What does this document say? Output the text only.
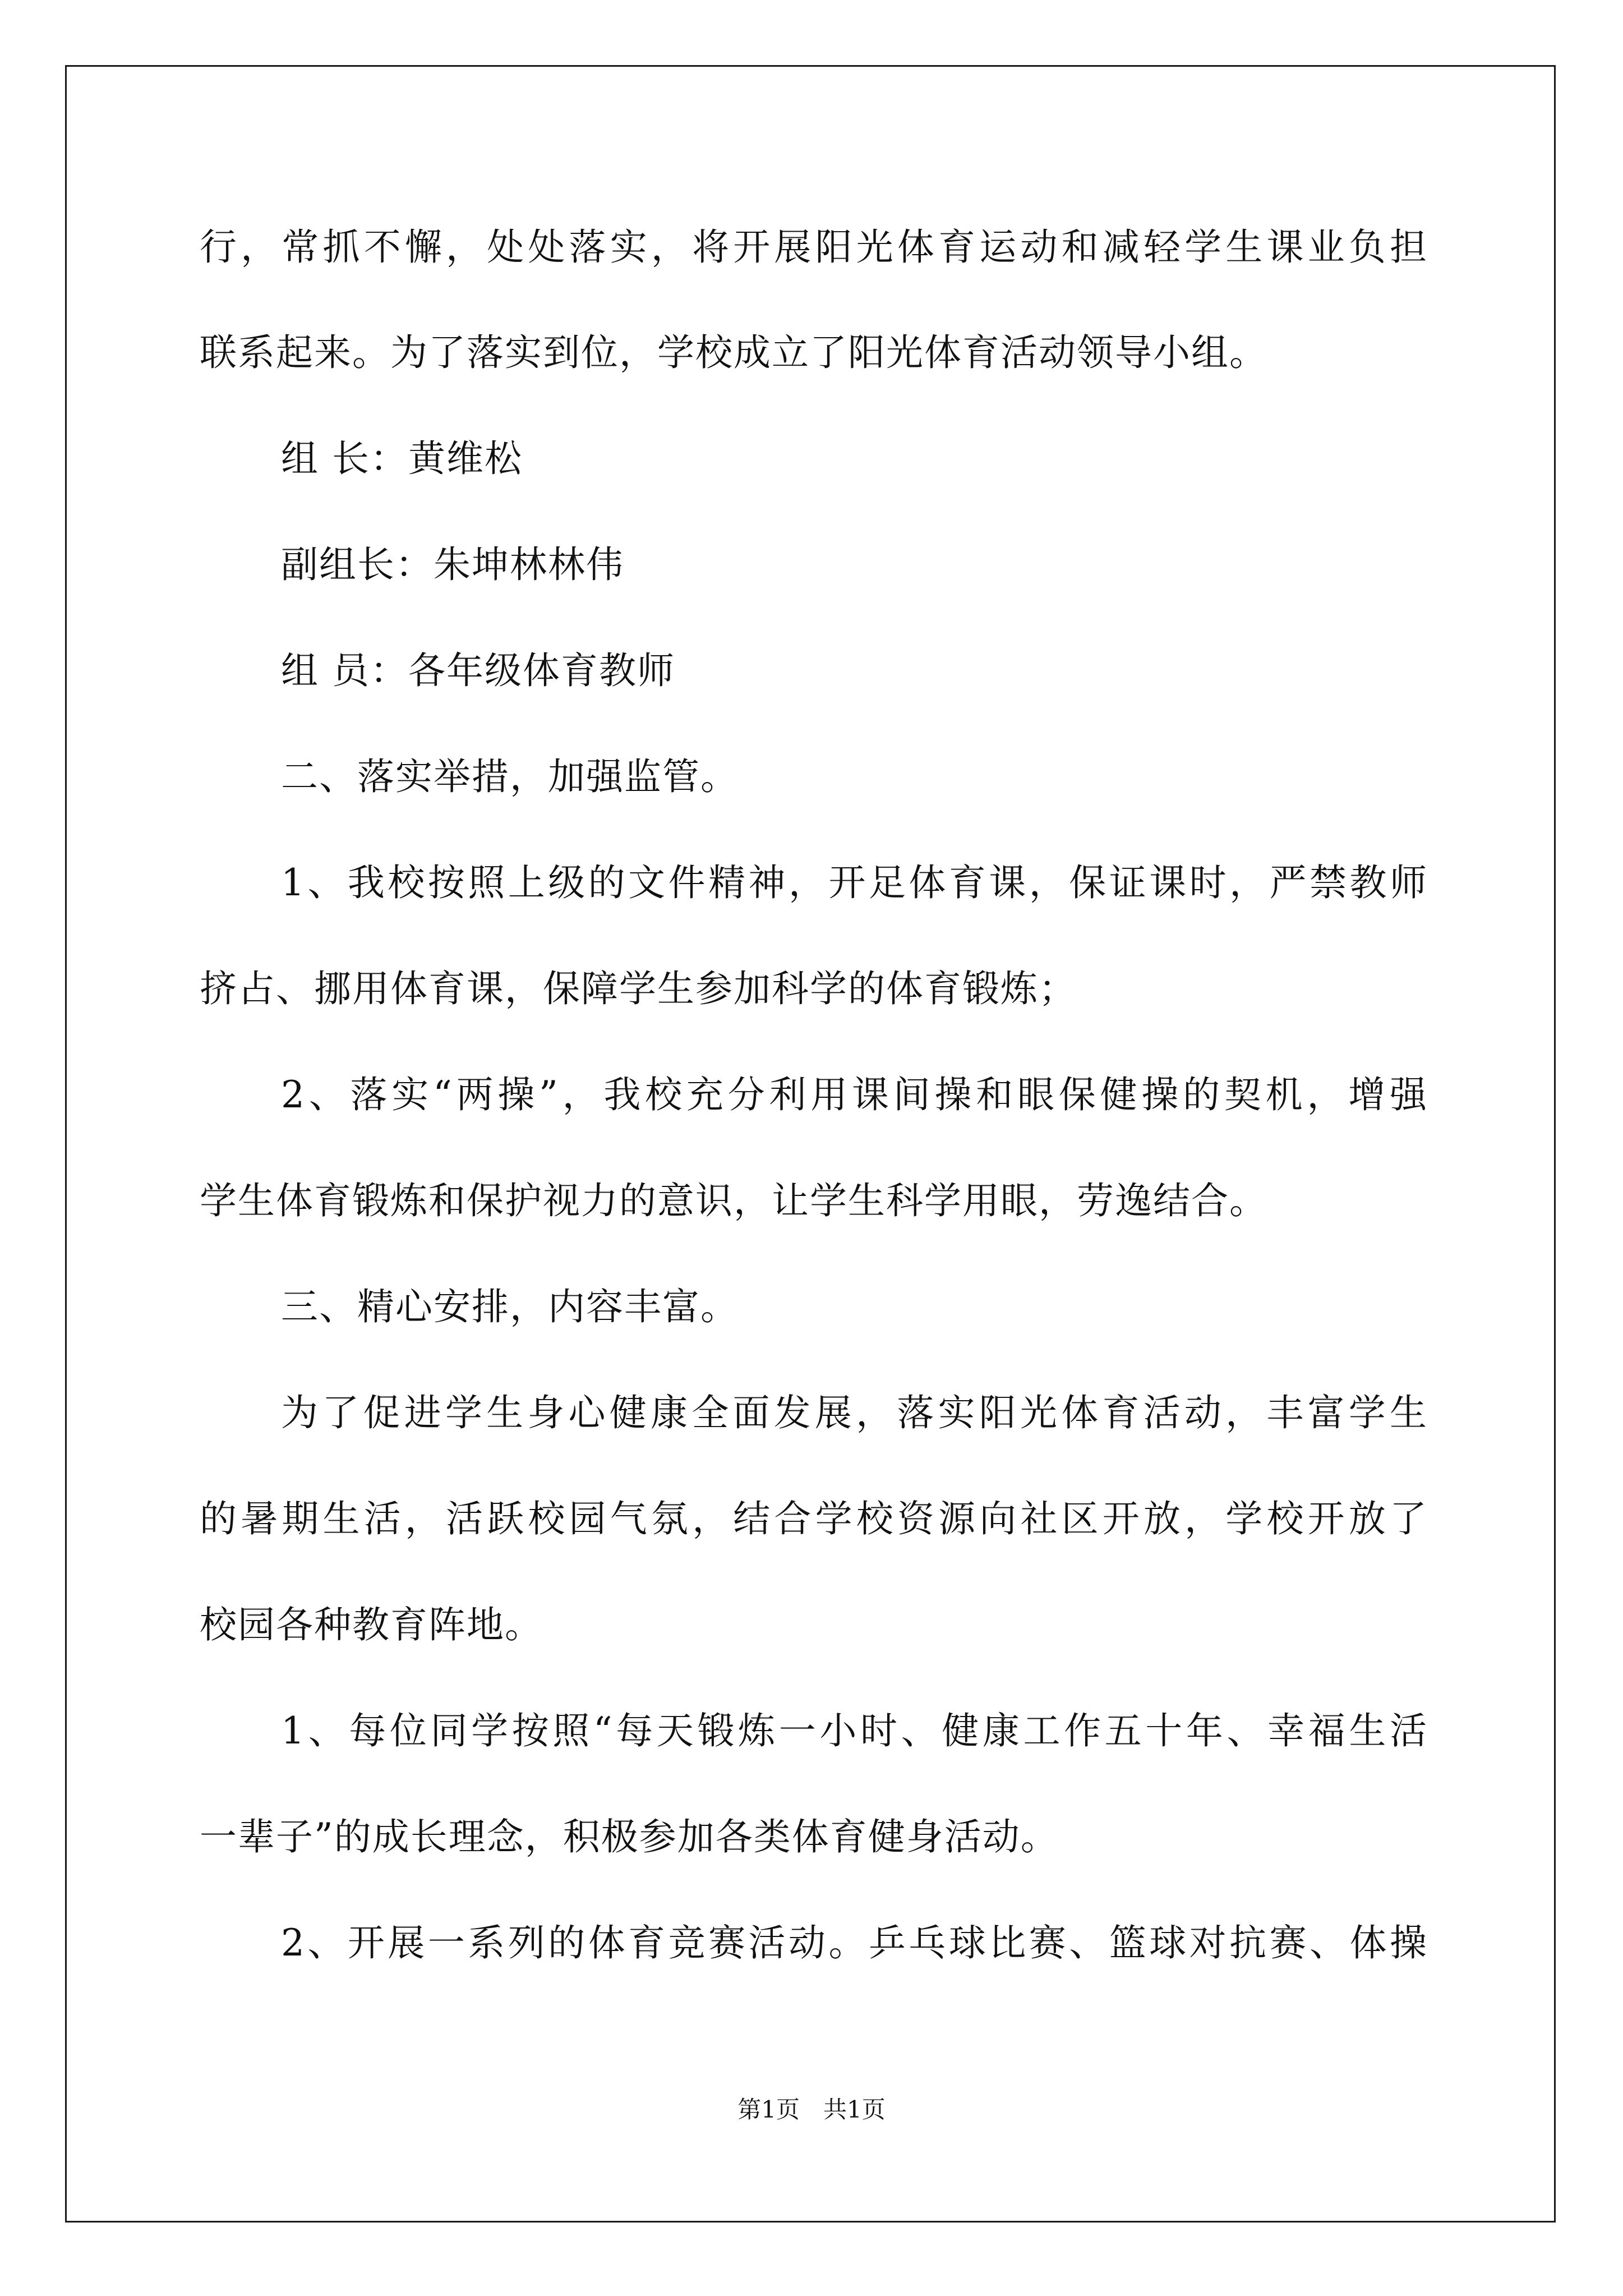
行，常抓不懈，处处落实，将开展阳光体育运动和减轻学生课业负担

联系起来。为了落实到位，学校成立了阳光体育活动领导小组。

组 长：黄维松

副组长：朱坤林林伟

组 员：各年级体育教师

二、落实举措，加强监管。

1、我校按照上级的文件精神，开足体育课，保证课时，严禁教师

挤占、挪用体育课，保障学生参加科学的体育锻炼；

2、落实“两操”，我校充分利用课间操和眼保健操的契机，增强

学生体育锻炼和保护视力的意识，让学生科学用眼，劳逸结合。

三、精心安排，内容丰富。

为了促进学生身心健康全面发展，落实阳光体育活动，丰富学生

的暑期生活，活跃校园气氛，结合学校资源向社区开放，学校开放了

校园各种教育阵地。

1、每位同学按照“每天锻炼一小时、健康工作五十年、幸福生活

一辈子”的成长理念，积极参加各类体育健身活动。

2、开展一系列的体育竞赛活动。乒乓球比赛、篮球对抗赛、体操

第1页　共1页
